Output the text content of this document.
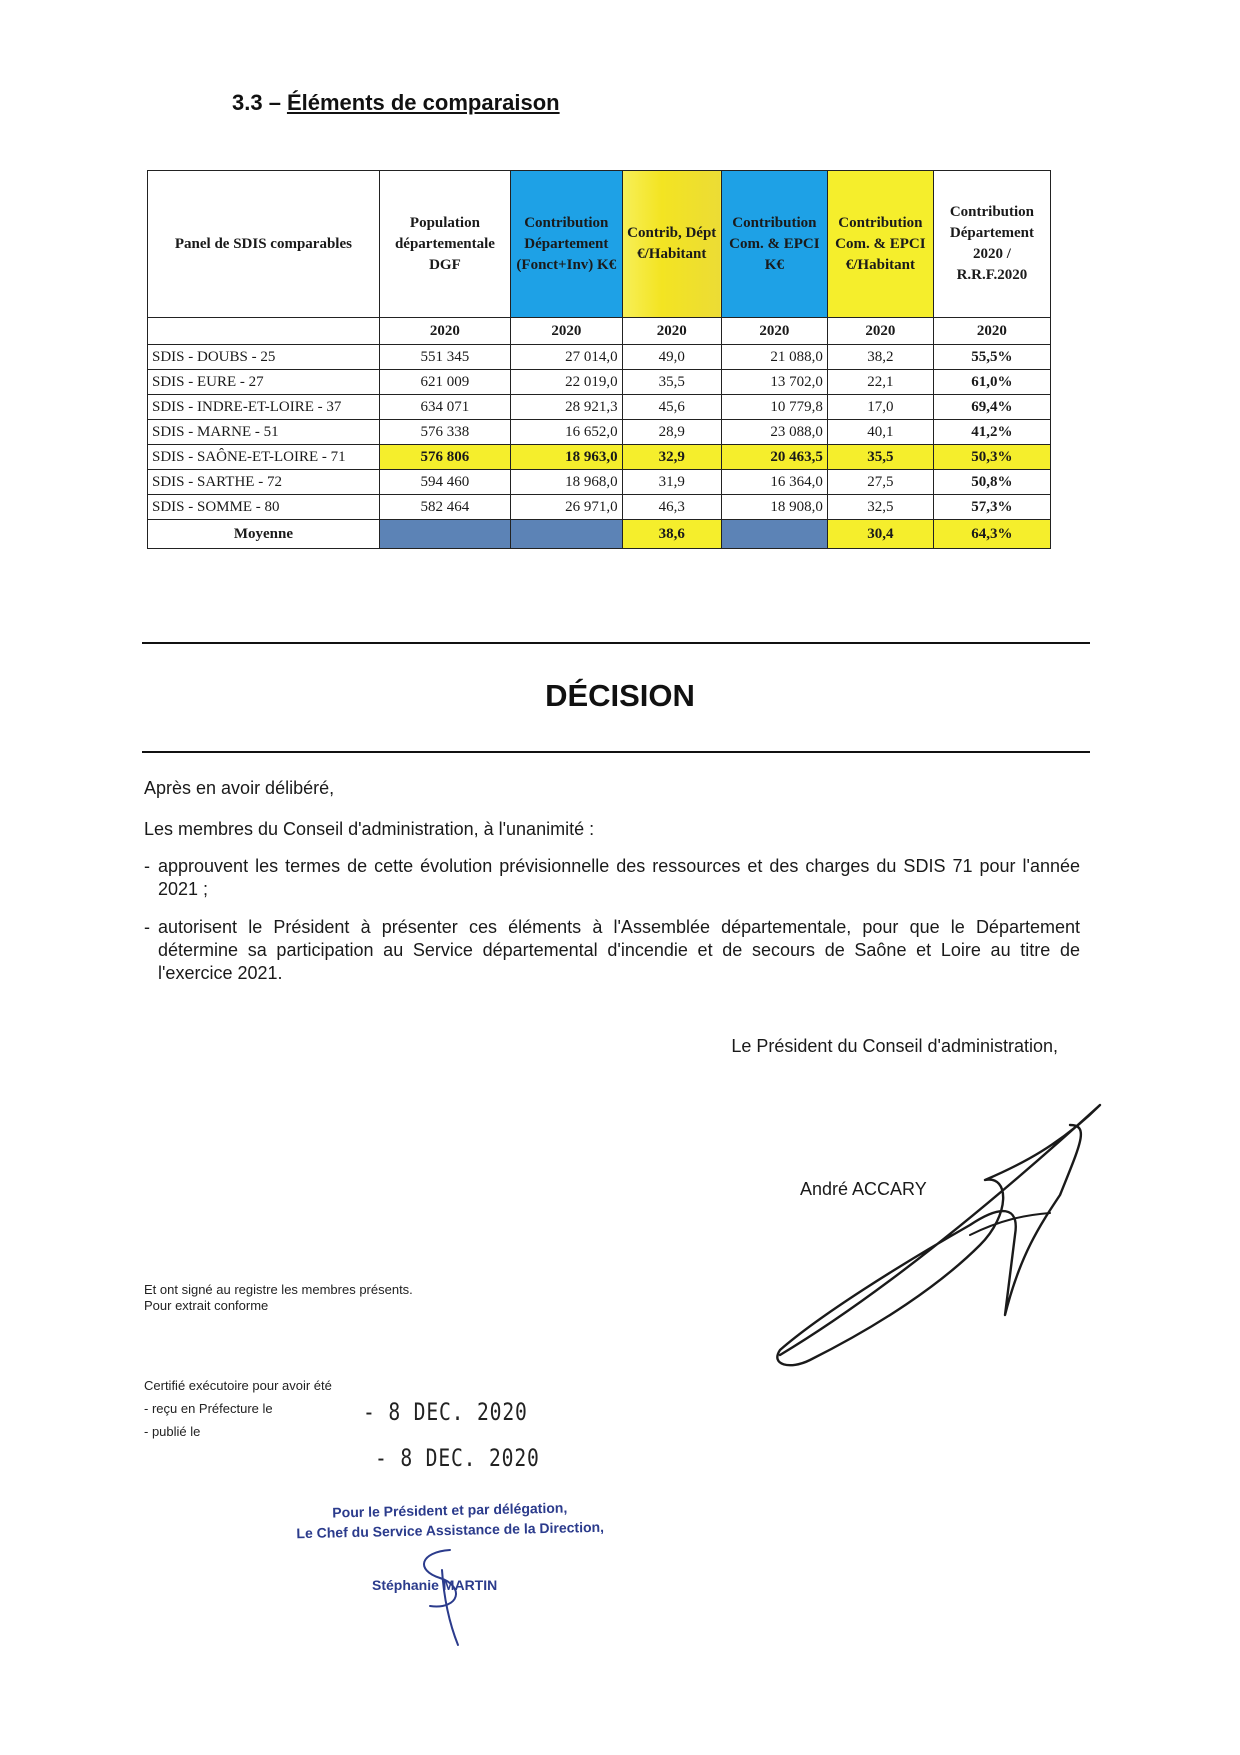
3.3 – Éléments de comparaison
Panel de SDIS comparables	Population départementale DGF	Contribution Département (Fonct+Inv) K€	Contrib, Dépt €/Habitant	Contribution Com. & EPCI K€	Contribution Com. & EPCI €/Habitant	Contribution Département 2020 / R.R.F.2020
	2020	2020	2020	2020	2020	2020
SDIS - DOUBS - 25	551 345	27 014,0	49,0	21 088,0	38,2	55,5%
SDIS - EURE - 27	621 009	22 019,0	35,5	13 702,0	22,1	61,0%
SDIS - INDRE-ET-LOIRE - 37	634 071	28 921,3	45,6	10 779,8	17,0	69,4%
SDIS - MARNE - 51	576 338	16 652,0	28,9	23 088,0	40,1	41,2%
SDIS - SAÔNE-ET-LOIRE - 71	576 806	18 963,0	32,9	20 463,5	35,5	50,3%
SDIS - SARTHE - 72	594 460	18 968,0	31,9	16 364,0	27,5	50,8%
SDIS - SOMME - 80	582 464	26 971,0	46,3	18 908,0	32,5	57,3%
Moyenne			38,6		30,4	64,3%
DÉCISION
Après en avoir délibéré,
Les membres du Conseil d'administration, à l'unanimité :
- approuvent les termes de cette évolution prévisionnelle des ressources et des charges du SDIS 71 pour l'année 2021 ;
- autorisent le Président à présenter ces éléments à l'Assemblée départementale, pour que le Département détermine sa participation au Service départemental d'incendie et de secours de Saône et Loire au titre de l'exercice 2021.
Le Président du Conseil d'administration,
André ACCARY
Et ont signé au registre les membres présents.
Pour extrait conforme
Certifié exécutoire pour avoir été
- reçu en Préfecture le
- publié le
- 8 DEC. 2020
- 8 DEC. 2020
Pour le Président et par délégation,
Le Chef du Service Assistance de la Direction,
Stéphanie MARTIN
